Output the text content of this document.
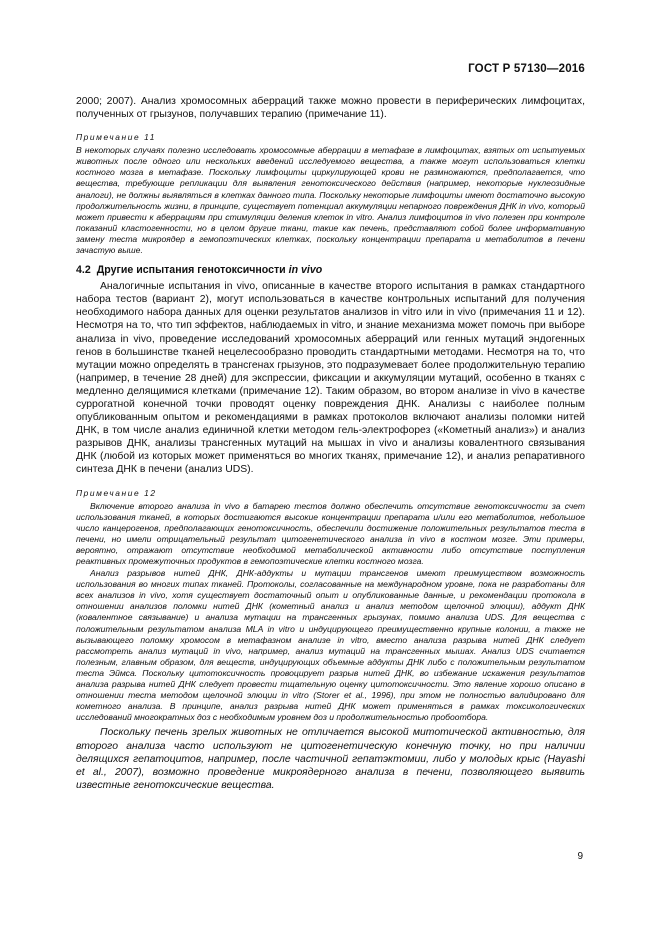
ГОСТ Р 57130—2016

2000; 2007). Анализ хромосомных аберраций также можно провести в периферических лимфоцитах, полученных от грызунов, получавших терапию (примечание 11).

Примечание 11

В некоторых случаях полезно исследовать хромосомные аберрации в метафазе в лимфоцитах, взятых от испытуемых животных после одного или нескольких введений исследуемого вещества, а также могут использоваться клетки костного мозга в метафазе. Поскольку лимфоциты циркулирующей крови не размножаются, предполагается, что вещества, требующие репликации для выявления генотоксического действия (например, некоторые нуклеозидные аналоги), не должны выявляться в клетках данного типа. Поскольку некоторые лимфоциты имеют достаточно высокую продолжительность жизни, в принципе, существует потенциал аккумуляции непарного повреждения ДНК in vivo, который может привести к аберрациям при стимуляции деления клеток in vitro. Анализ лимфоцитов in vivo полезен при контроле показаний кластогенности, но в целом другие ткани, такие как печень, представляют собой более информативную замену теста микроядер в гемопоэтических клетках, поскольку концентрации препарата и метаболитов в печени зачастую выше.

4.2 Другие испытания генотоксичности in vivo

Аналогичные испытания in vivo, описанные в качестве второго испытания в рамках стандартного набора тестов (вариант 2), могут использоваться в качестве контрольных испытаний для получения необходимого набора данных для оценки результатов анализов in vitro или in vivo (примечания 11 и 12). Несмотря на то, что тип эффектов, наблюдаемых in vitro, и знание механизма может помочь при выборе анализа in vivo, проведение исследований хромосомных аберраций или генных мутаций эндогенных генов в большинстве тканей нецелесообразно проводить стандартными методами. Несмотря на то, что мутации можно определять в трансгенах грызунов, это подразумевает более продолжительную терапию (например, в течение 28 дней) для экспрессии, фиксации и аккумуляции мутаций, особенно в тканях с медленно делящимися клетками (примечание 12). Таким образом, во втором анализе in vivo в качестве суррогатной конечной точки проводят оценку повреждения ДНК. Анализы с наиболее полным опубликованным опытом и рекомендациями в рамках протоколов включают анализы поломки нитей ДНК, в том числе анализ единичной клетки методом гель-электрофорез («Кометный анализ») и анализ разрывов ДНК, анализы трансгенных мутаций на мышах in vivo и анализы ковалентного связывания ДНК (любой из которых может применяться во многих тканях, примечание 12), и анализ репаративного синтеза ДНК в печени (анализ UDS).

Примечание 12

Включение второго анализа in vivo в батарею тестов должно обеспечить отсутствие генотоксичности за счет использования тканей, в которых достигаются высокие концентрации препарата и/или его метаболитов, небольшое число канцерогенов, предполагающих генотоксичность, обеспечили достижение положительных результатов теста в печени, но имели отрицательный результат цитогенетического анализа in vivo в костном мозге. Эти примеры, вероятно, отражают отсутствие необходимой метаболической активности либо отсутствие поступления реактивных промежуточных продуктов в гемопоэтические клетки костного мозга.

Анализ разрывов нитей ДНК, ДНК-аддукты и мутации трансгенов имеют преимуществом возможность использования во многих типах тканей. Протоколы, согласованные на международном уровне, пока не разработаны для всех анализов in vivo, хотя существует достаточный опыт и опубликованные данные, и рекомендации протокола в отношении анализов поломки нитей ДНК (кометный анализ и анализ методом щелочной элюции), аддукт ДНК (ковалентное связывание) и анализа мутации на трансгенных грызунах, помимо анализа UDS. Для вещества с положительным результатом анализа MLA in vitro и индуцирующего преимущественно крупные колонии, а также не вызывающего поломку хромосом в метафазном анализе in vitro, вместо анализа разрыва нитей ДНК следует рассмотреть анализ мутаций in vivo, например, анализ мутаций на трансгенных мышах. Анализ UDS считается полезным, главным образом, для веществ, индуцирующих объемные аддукты ДНК либо с положительным результатом теста Эймса. Поскольку цитотоксичность провоцирует разрыв нитей ДНК, во избежание искажения результатов анализа разрыва нитей ДНК следует провести тщательную оценку цитотоксичности. Это явление хорошо описано в отношении теста методом щелочной элюции in vitro (Storer et al., 1996), при этом не полностью валидировано для кометного анализа. В принципе, анализ разрыва нитей ДНК может применяться в рамках токсикологических исследований многократных доз с необходимым уровнем доз и продолжительностью пробоотбора.

Поскольку печень зрелых животных не отличается высокой митотической активностью, для второго анализа часто используют не цитогенетическую конечную точку, но при наличии делящихся гепатоцитов, например, после частичной гепатэктомии, либо у молодых крыс (Hayashi et al., 2007), возможно проведение микроядерного анализа в печени, позволяющего выявить известные генотоксические вещества.

9
